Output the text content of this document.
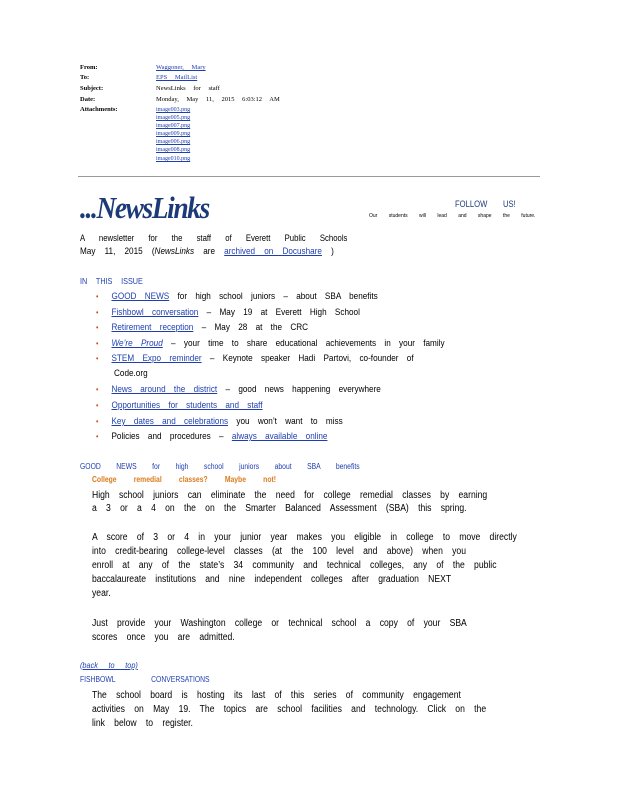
From:	Waggoner, Mary
To:	EPS MailList
Subject:	NewsLinks for staff
Date:	Monday, May 11, 2015 6:03:12 AM
Attachments:	image003.png
image005.png
image007.png
image009.png
image006.png
image008.png
image010.png
...NewsLinks	FOLLOW US!
Our students will lead and shape the future.
A newsletter for the staff of Everett Public Schools
May 11, 2015 (NewsLinks are archived on Docushare )
IN THIS ISSUE
• GOOD NEWS for high school juniors – about SBA benefits
• Fishbowl conversation – May 19 at Everett High School
• Retirement reception – May 28 at the CRC
• We’re Proud – your time to share educational achievements in your family
• STEM Expo reminder – Keynote speaker Hadi Partovi, co-founder of
Code.org
• News around the district – good news happening everywhere
• Opportunities for students and staff
• Key dates and celebrations you won’t want to miss
• Policies and procedures – always available online
GOOD NEWS for high school juniors about SBA benefits
College remedial classes? Maybe not!
High school juniors can eliminate the need for college remedial classes by earning
a 3 or a 4 on the on the Smarter Balanced Assessment (SBA) this spring.
A score of 3 or 4 in your junior year makes you eligible in college to move directly
into credit-bearing college-level classes (at the 100 level and above) when you
enroll at any of the state’s 34 community and technical colleges, any of the public
baccalaureate institutions and nine independent colleges after graduation NEXT
year.
Just provide your Washington college or technical school a copy of your SBA
scores once you are admitted.
(back to top)
FISHBOWL CONVERSATIONS
The school board is hosting its last of this series of community engagement
activities on May 19. The topics are school facilities and technology. Click on the
link below to register.
